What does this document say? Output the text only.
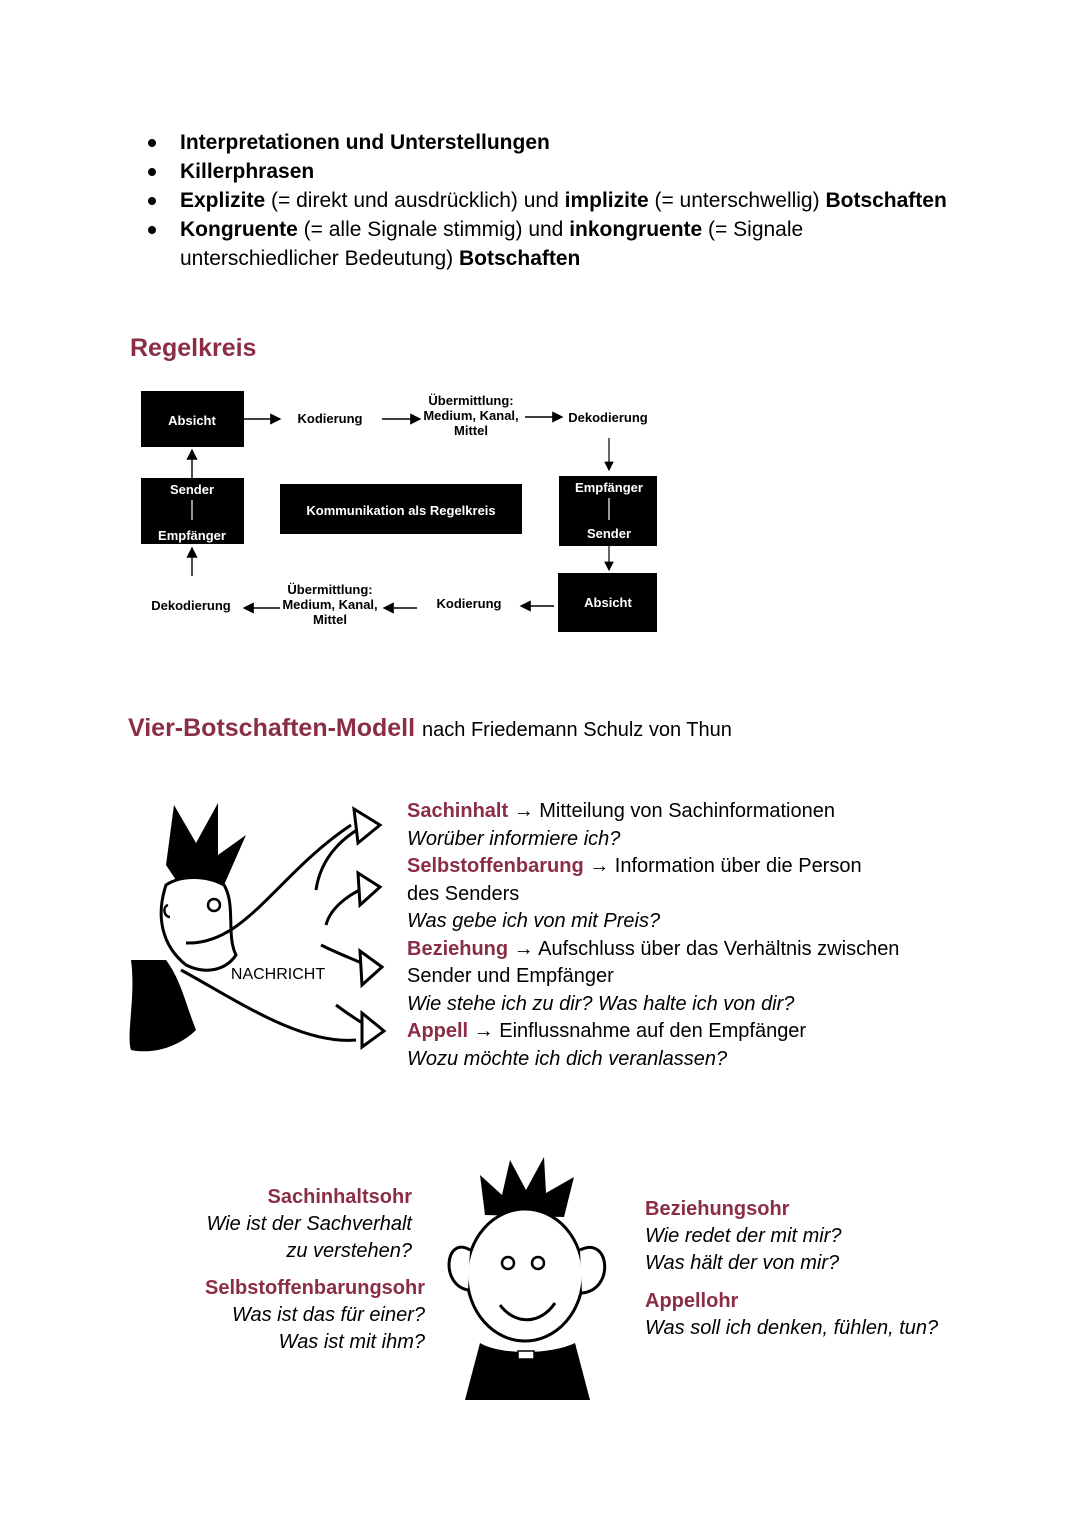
Interpretationen und Unterstellungen
Killerphrasen
Explizite (= direkt und ausdrücklich) und implizite (= unterschwellig) Botschaften
Kongruente (= alle Signale stimmig) und inkongruente (= Signale unterschiedlicher Bedeutung) Botschaften
Regelkreis
Absicht	Kodierung
Übermittlung:
Medium, Kanal,
Mittel
Dekodierung
Sender
Empfänger
Kommunikation als Regelkreis
Empfänger
Sender
Dekodierung
Übermittlung:
Medium, Kanal,
Mittel
Kodierung	Absicht
Vier-Botschaften-Modell nach Friedemann Schulz von Thun
NACHRICHT
Sachinhalt → Mitteilung von Sachinformationen
Worüber informiere ich?
Selbstoffenbarung → Information über die Person
des Senders
Was gebe ich von mit Preis?
Beziehung → Aufschluss über das Verhältnis zwischen
Sender und Empfänger
Wie stehe ich zu dir? Was halte ich von dir?
Appell → Einflussnahme auf den Empfänger
Wozu möchte ich dich veranlassen?
Sachinhaltsohr
Wie ist der Sachverhalt
zu verstehen?
Selbstoffenbarungsohr
Was ist das für einer?
Was ist mit ihm?
Beziehungsohr
Wie redet der mit mir?
Was hält der von mir?
Appellohr
Was soll ich denken, fühlen, tun?
